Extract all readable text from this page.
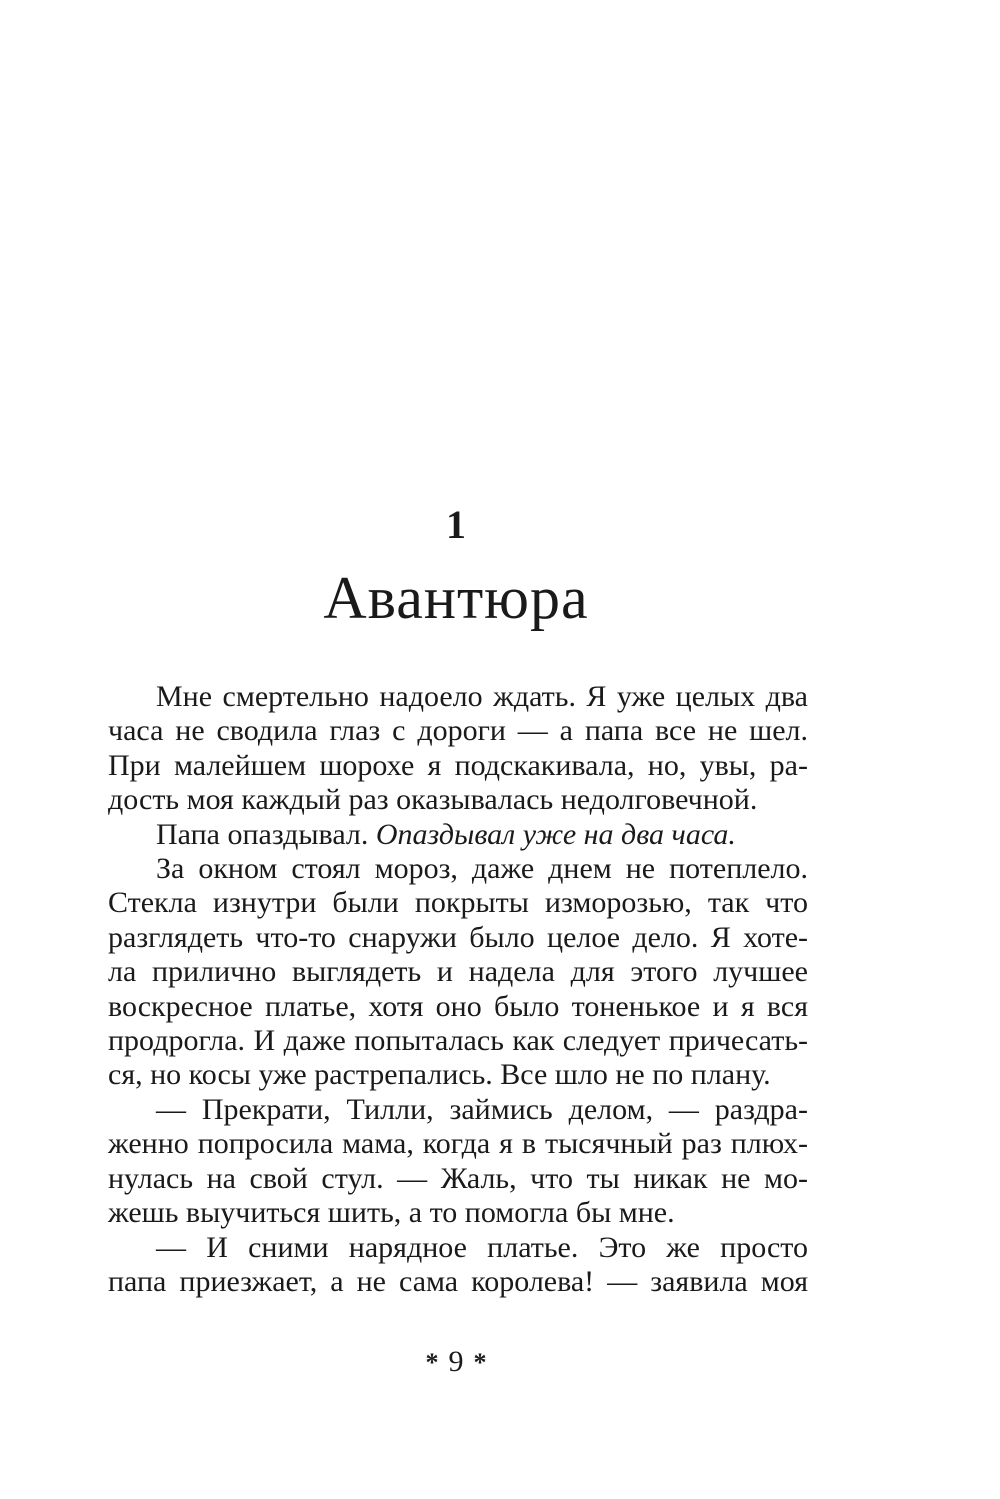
1
Авантюра
Мне смертельно надоело ждать. Я уже целых два
часа не сводила глаз с дороги — а папа все не шел.
При малейшем шорохе я подскакивала, но, увы, ра-
дость моя каждый раз оказывалась недолговечной.
Папа опаздывал. Опаздывал уже на два часа.
За окном стоял мороз, даже днем не потеплело.
Стекла изнутри были покрыты изморозью, так что
разглядеть что-то снаружи было целое дело. Я хоте-
ла прилично выглядеть и надела для этого лучшее
воскресное платье, хотя оно было тоненькое и я вся
продрогла. И даже попыталась как следует причесать-
ся, но косы уже растрепались. Все шло не по плану.
— Прекрати, Тилли, займись делом, — раздра-
женно попросила мама, когда я в тысячный раз плюх-
нулась на свой стул. — Жаль, что ты никак не мо-
жешь выучиться шить, а то помогла бы мне.
— И сними нарядное платье. Это же просто
папа приезжает, а не сама королева! — заявила моя
* 9 *
